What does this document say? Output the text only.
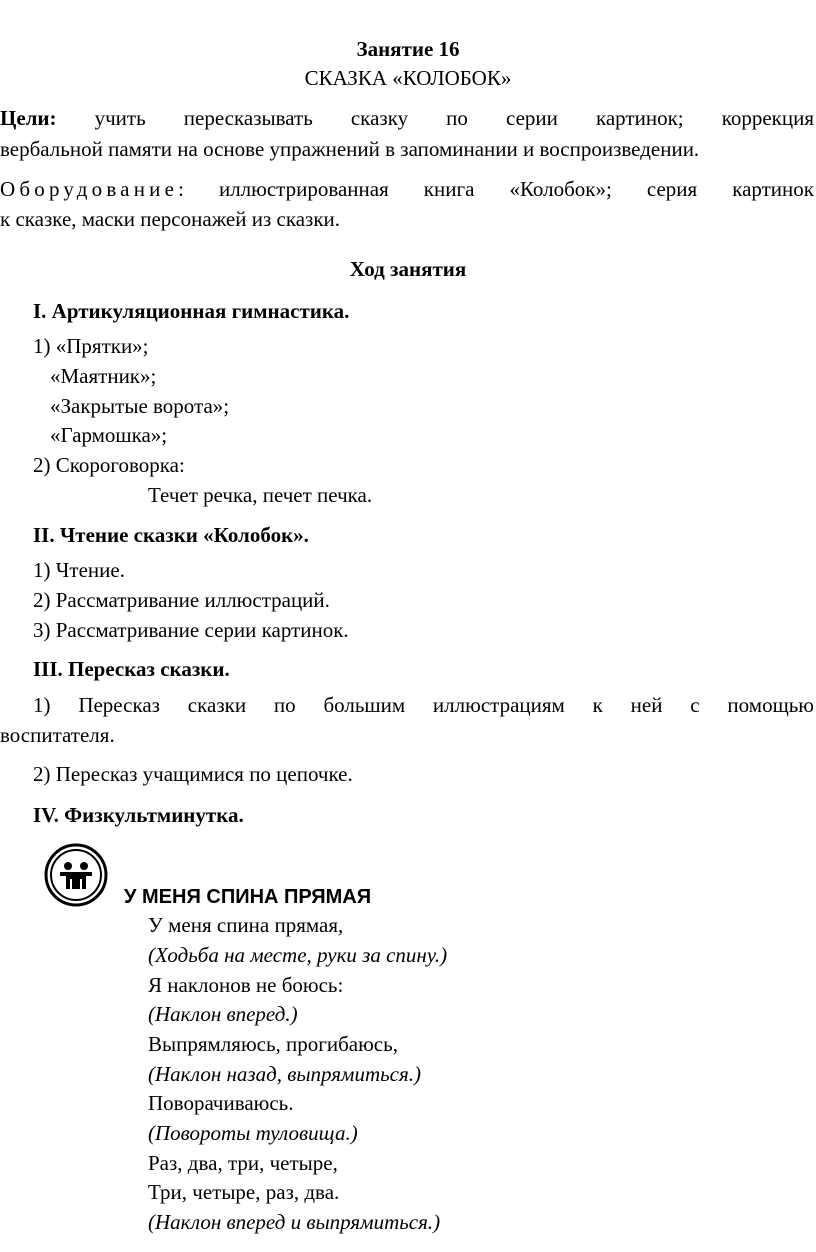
Занятие 16
СКАЗКА «КОЛОБОК»
Цели: учить пересказывать сказку по серии картинок; коррекция
вербальной памяти на основе упражнений в запоминании и воспроизведении.
Оборудование: иллюстрированная книга «Колобок»; серия картинок
к сказке, маски персонажей из сказки.
Ход занятия
I. Артикуляционная гимнастика.
1) «Прятки»;
«Маятник»;
«Закрытые ворота»;
«Гармошка»;
2) Скороговорка:
Течет речка, печет печка.
II. Чтение сказки «Колобок».
1) Чтение.
2) Рассматривание иллюстраций.
3) Рассматривание серии картинок.
III. Пересказ сказки.
1) Пересказ сказки по большим иллюстрациям к ней с помощью
воспитателя.
2) Пересказ учащимися по цепочке.
IV. Физкультминутка.
У МЕНЯ СПИНА ПРЯМАЯ
У меня спина прямая,
(Ходьба на месте, руки за спину.)
Я наклонов не боюсь:
(Наклон вперед.)
Выпрямляюсь, прогибаюсь,
(Наклон назад, выпрямиться.)
Поворачиваюсь.
(Повороты туловища.)
Раз, два, три, четыре,
Три, четыре, раз, два.
(Наклон вперед и выпрямиться.)
